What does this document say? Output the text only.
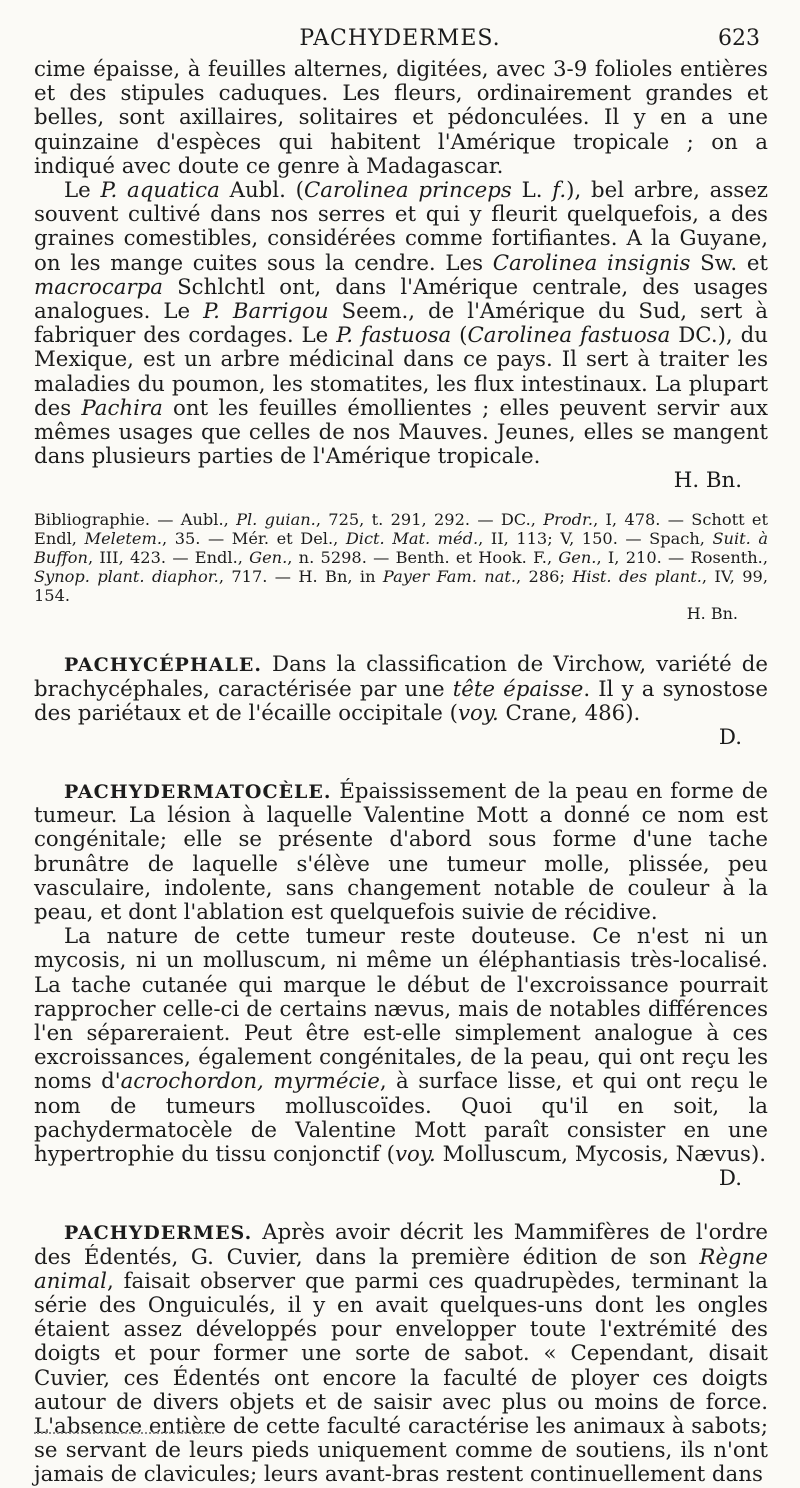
PACHYDERMES.	623

cime épaisse, à feuilles alternes, digitées, avec 3-9 folioles entières et des stipules caduques. Les fleurs, ordinairement grandes et belles, sont axillaires, solitaires et pédonculées. Il y en a une quinzaine d'espèces qui habitent l'Amérique tropicale ; on a indiqué avec doute ce genre à Madagascar.

Le P. aquatica Aubl. (Carolinea princeps L. f.), bel arbre, assez souvent cultivé dans nos serres et qui y fleurit quelquefois, a des graines comestibles, considérées comme fortifiantes. A la Guyane, on les mange cuites sous la cendre. Les Carolinea insignis Sw. et macrocarpa Schlchtl ont, dans l'Amérique centrale, des usages analogues. Le P. Barrigou Seem., de l'Amérique du Sud, sert à fabriquer des cordages. Le P. fastuosa (Carolinea fastuosa DC.), du Mexique, est un arbre médicinal dans ce pays. Il sert à traiter les maladies du poumon, les stomatites, les flux intestinaux. La plupart des Pachira ont les feuilles émollientes ; elles peuvent servir aux mêmes usages que celles de nos Mauves. Jeunes, elles se mangent dans plusieurs parties de l'Amérique tropicale.

H. Bn.

Bibliographie. — Aubl., Pl. guian., 725, t. 291, 292. — DC., Prodr., I, 478. — Schott et Endl, Meletem., 35. — Mér. et Del., Dict. Mat. méd., II, 113; V, 150. — Spach, Suit. à Buffon, III, 423. — Endl., Gen., n. 5298. — Benth. et Hook. F., Gen., I, 210. — Rosenth., Synop. plant. diaphor., 717. — H. Bn, in Payer Fam. nat., 286; Hist. des plant., IV, 99, 154.

H. Bn.

PACHYCÉPHALE. Dans la classification de Virchow, variété de brachycéphales, caractérisée par une tête épaisse. Il y a synostose des pariétaux et de l'écaille occipitale (voy. Crane, 486).

D.

PACHYDERMATOCÈLE. Épaississement de la peau en forme de tumeur. La lésion à laquelle Valentine Mott a donné ce nom est congénitale; elle se présente d'abord sous forme d'une tache brunâtre de laquelle s'élève une tumeur molle, plissée, peu vasculaire, indolente, sans changement notable de couleur à la peau, et dont l'ablation est quelquefois suivie de récidive.

La nature de cette tumeur reste douteuse. Ce n'est ni un mycosis, ni un molluscum, ni même un éléphantiasis très-localisé. La tache cutanée qui marque le début de l'excroissance pourrait rapprocher celle-ci de certains nævus, mais de notables différences l'en sépareraient. Peut être est-elle simplement analogue à ces excroissances, également congénitales, de la peau, qui ont reçu les noms d'acrochordon, myrmécie, à surface lisse, et qui ont reçu le nom de tumeurs molluscoïdes. Quoi qu'il en soit, la pachydermatocèle de Valentine Mott paraît consister en une hypertrophie du tissu conjonctif (voy. Molluscum, Mycosis, Nævus).

D.

PACHYDERMES. Après avoir décrit les Mammifères de l'ordre des Édentés, G. Cuvier, dans la première édition de son Règne animal, faisait observer que parmi ces quadrupèdes, terminant la série des Onguiculés, il y en avait quelques-uns dont les ongles étaient assez développés pour envelopper toute l'extrémité des doigts et pour former une sorte de sabot. « Cependant, disait Cuvier, ces Édentés ont encore la faculté de ployer ces doigts autour de divers objets et de saisir avec plus ou moins de force. L'absence entière de cette faculté caractérise les animaux à sabots; se servant de leurs pieds uniquement comme de soutiens, ils n'ont jamais de clavicules; leurs avant-bras restent continuellement dans
